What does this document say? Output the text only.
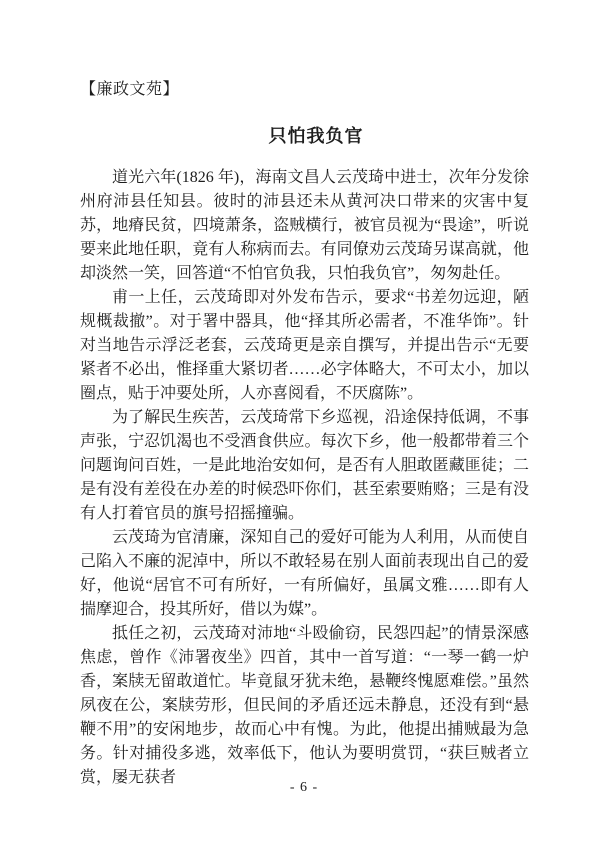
【廉政文苑】
只怕我负官

道光六年(1826 年)，海南文昌人云茂琦中进士，次年分发徐州府沛县任知县。彼时的沛县还未从黄河决口带来的灾害中复苏，地瘠民贫，四境萧条，盗贼横行，被官员视为“畏途”，听说要来此地任职，竟有人称病而去。有同僚劝云茂琦另谋高就，他却淡然一笑，回答道“不怕官负我，只怕我负官”，匆匆赴任。

甫一上任，云茂琦即对外发布告示，要求“书差勿远迎，陋规概裁撤”。对于署中器具，他“择其所必需者，不准华饰”。针对当地告示浮泛老套，云茂琦更是亲自撰写，并提出告示“无要紧者不必出，惟择重大紧切者……必字体略大，不可太小，加以圈点，贴于冲要处所，人亦喜阅看，不厌腐陈”。

为了解民生疾苦，云茂琦常下乡巡视，沿途保持低调，不事声张，宁忍饥渴也不受酒食供应。每次下乡，他一般都带着三个问题询问百姓，一是此地治安如何，是否有人胆敢匿藏匪徒；二是有没有差役在办差的时候恐吓你们，甚至索要贿赂；三是有没有人打着官员的旗号招摇撞骗。

云茂琦为官清廉，深知自己的爱好可能为人利用，从而使自己陷入不廉的泥淖中，所以不敢轻易在别人面前表现出自己的爱好，他说“居官不可有所好，一有所偏好，虽属文雅……即有人揣摩迎合，投其所好，借以为媒”。

抵任之初，云茂琦对沛地“斗殴偷窃，民怨四起”的情景深感焦虑，曾作《沛署夜坐》四首，其中一首写道：“一琴一鹤一炉香，案牍无留敢道忙。毕竟鼠牙犹未绝，悬鞭终愧愿难偿。”虽然夙夜在公，案牍劳形，但民间的矛盾还远未静息，还没有到“悬鞭不用”的安闲地步，故而心中有愧。为此，他提出捕贼最为急务。针对捕役多逃，效率低下，他认为要明赏罚，“获巨贼者立赏，屡无获者

- 6 -
